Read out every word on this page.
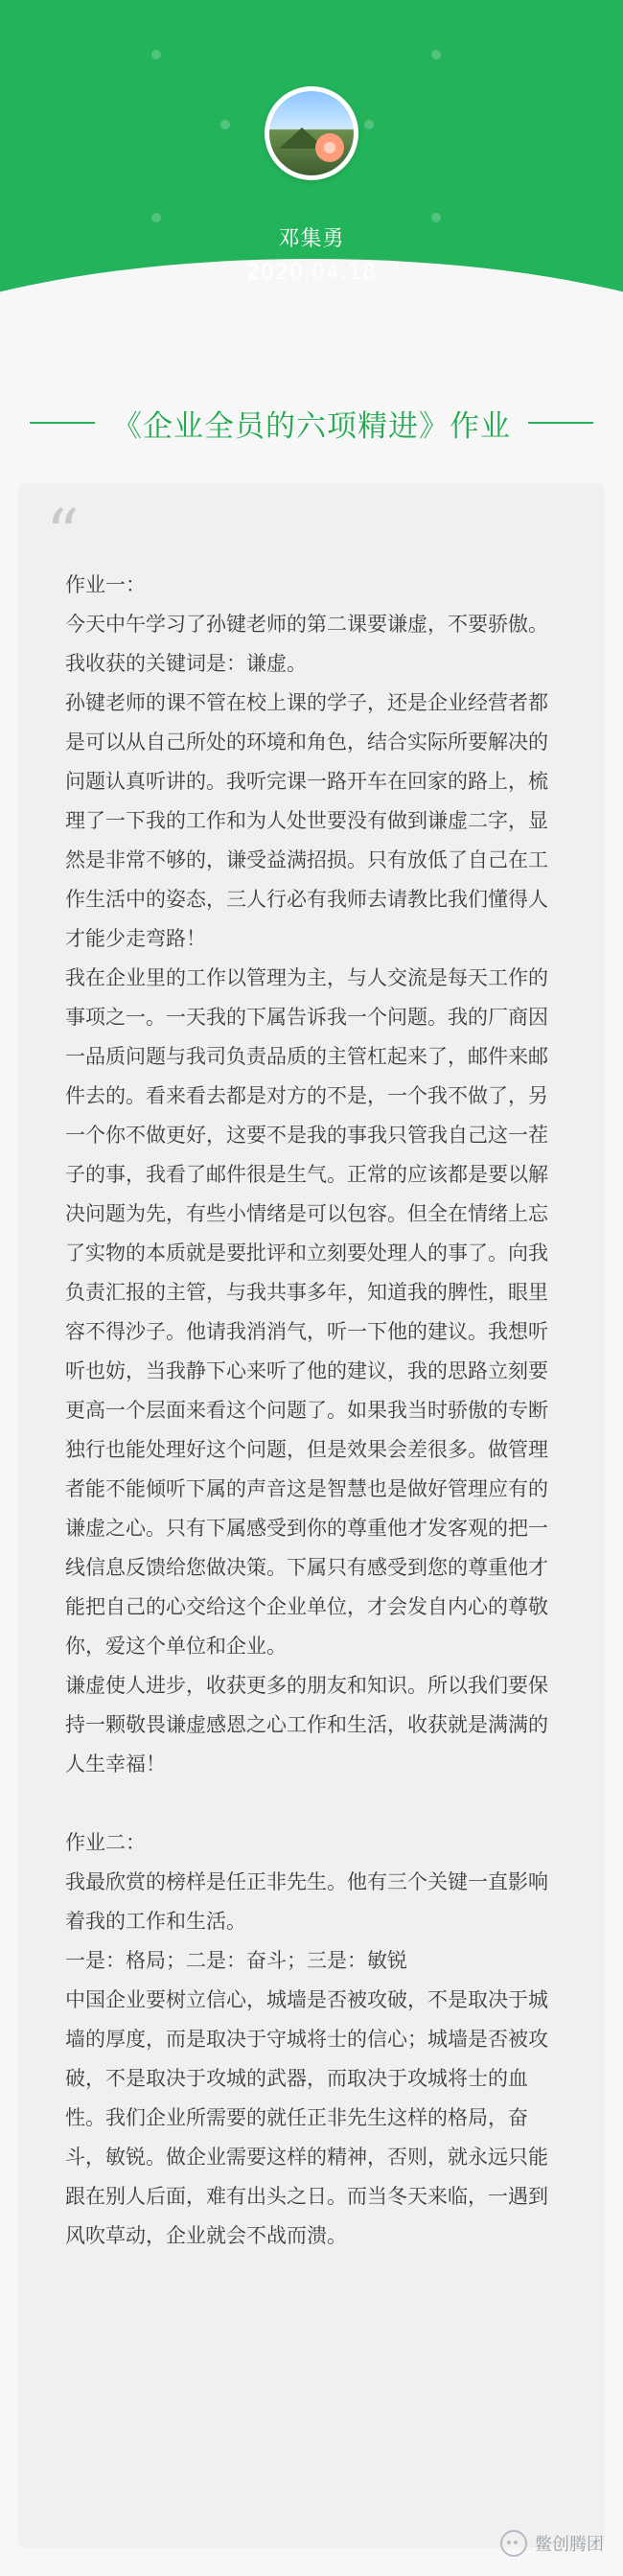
邓集勇
2020.04.18
《企业全员的六项精进》作业
“
作业一：
今天中午学习了孙键老师的第二课要谦虚，不要骄傲。我收获的关键词是：谦虚。
孙键老师的课不管在校上课的学子，还是企业经营者都是可以从自己所处的环境和角色，结合实际所要解决的问题认真听讲的。我听完课一路开车在回家的路上，梳理了一下我的工作和为人处世要没有做到谦虚二字，显然是非常不够的，谦受益满招损。只有放低了自己在工作生活中的姿态，三人行必有我师去请教比我们懂得人才能少走弯路！
我在企业里的工作以管理为主，与人交流是每天工作的事项之一。一天我的下属告诉我一个问题。我的厂商因一品质问题与我司负责品质的主管杠起来了，邮件来邮件去的。看来看去都是对方的不是，一个我不做了，另一个你不做更好，这要不是我的事我只管我自己这一茬子的事，我看了邮件很是生气。正常的应该都是要以解决问题为先，有些小情绪是可以包容。但全在情绪上忘了实物的本质就是要批评和立刻要处理人的事了。向我负责汇报的主管，与我共事多年，知道我的脾性，眼里容不得沙子。他请我消消气，听一下他的建议。我想听听也妨，当我静下心来听了他的建议，我的思路立刻要更高一个层面来看这个问题了。如果我当时骄傲的专断独行也能处理好这个问题，但是效果会差很多。做管理者能不能倾听下属的声音这是智慧也是做好管理应有的谦虚之心。只有下属感受到你的尊重他才发客观的把一线信息反馈给您做决策。下属只有感受到您的尊重他才能把自己的心交给这个企业单位，才会发自内心的尊敬你，爱这个单位和企业。
谦虚使人进步，收获更多的朋友和知识。所以我们要保持一颗敬畏谦虚感恩之心工作和生活，收获就是满满的人生幸福！

作业二：
我最欣赏的榜样是任正非先生。他有三个关键一直影响着我的工作和生活。
一是：格局；二是：奋斗；三是：敏锐
中国企业要树立信心，城墙是否被攻破，不是取决于城墙的厚度，而是取决于守城将士的信心；城墙是否被攻破，不是取决于攻城的武器，而取决于攻城将士的血性。我们企业所需要的就任正非先生这样的格局，奋斗，敏锐。做企业需要这样的精神，否则，就永远只能跟在别人后面，难有出头之日。而当冬天来临，一遇到风吹草动，企业就会不战而溃。
鳖创腾团
